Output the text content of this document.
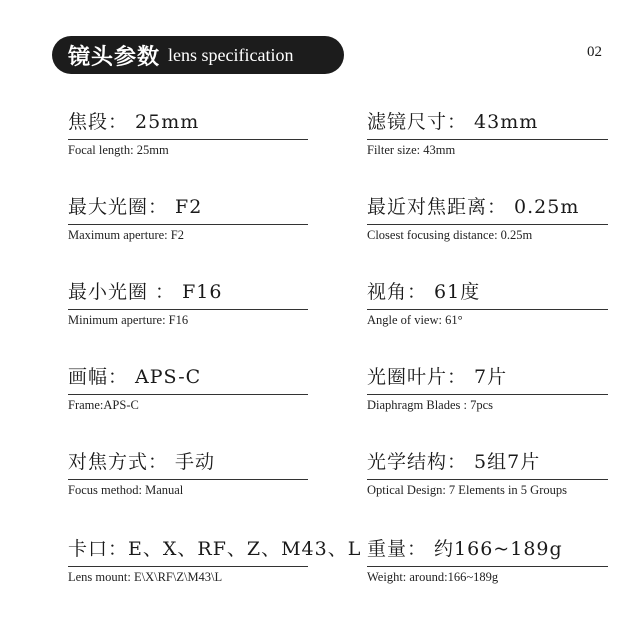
镜头参数 lens specification	02
焦段： 25mm
Focal length: 25mm
滤镜尺寸： 43mm
Filter size: 43mm
最大光圈： F2
Maximum aperture: F2
最近对焦距离： 0.25m
Closest focusing distance: 0.25m
最小光圈 ： F16
Minimum aperture: F16
视角： 61度
Angle of view: 61°
画幅： APS-C
Frame:APS-C
光圈叶片： 7片
Diaphragm Blades : 7pcs
对焦方式： 手动
Focus method: Manual
光学结构： 5组7片
Optical Design: 7 Elements in 5 Groups
卡口：E、X、RF、Z、M43、L
Lens mount: E\X\RF\Z\M43\L
重量： 约166~189g
Weight: around:166~189g
